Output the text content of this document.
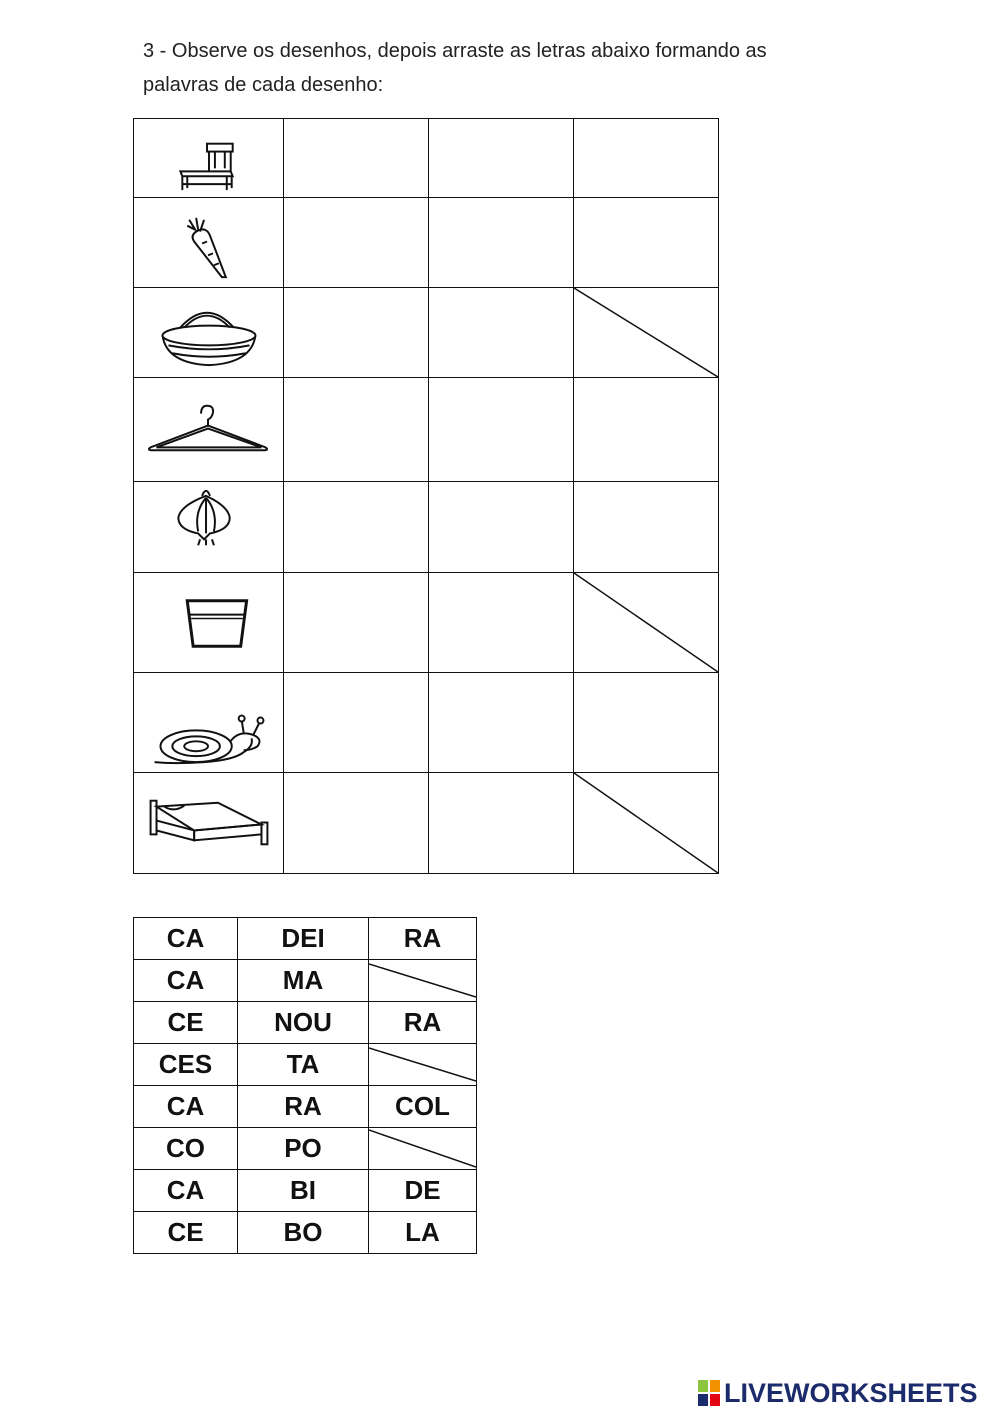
3 - Observe os desenhos, depois arraste as letras abaixo formando as
palavras de cada desenho:

CA	DEI	RA
CA	MA	

CE	NOU	RA
CES	TA	

CA	RA	COL
CO	PO	

CA	BI	DE
CE	BO	LA
LIVEWORKSHEETS
